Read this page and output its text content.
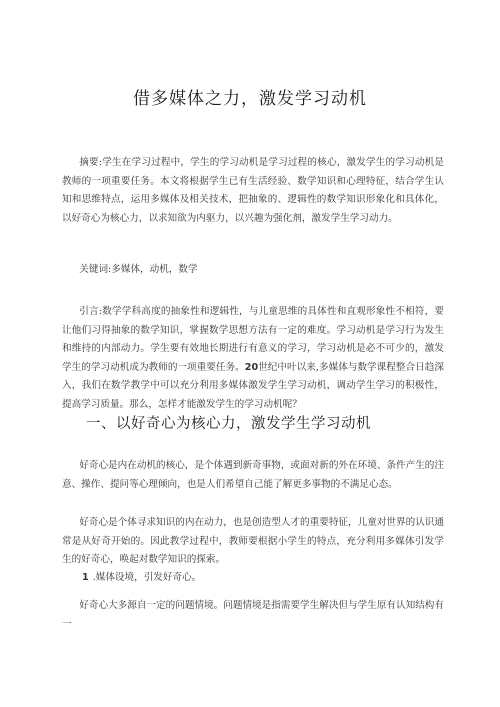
借多媒体之力，激发学习动机
摘要:学生在学习过程中，学生的学习动机是学习过程的核心，激发学生的学习动机是教师的一项重要任务。本文将根据学生已有生活经验、数学知识和心理特征，结合学生认知和思维特点，运用多媒体及相关技术，把抽象的、逻辑性的数学知识形象化和具体化，以好奇心为核心力，以求知欲为内驱力，以兴趣为强化剂，激发学生学习动力。
关键词:多媒体，动机，数学
引言:数学学科高度的抽象性和逻辑性，与儿童思维的具体性和直观形象性不相符，要让他们习得抽象的数学知识，掌握数学思想方法有一定的难度。学习动机是学习行为发生和维持的内部动力。学生要有效地长期进行有意义的学习，学习动机是必不可少的，激发学生的学习动机成为教师的一项重要任务。20世纪中叶以来,多媒体与数学课程整合日趋深入，我们在数学教学中可以充分利用多媒体激发学生学习动机，调动学生学习的积极性，提高学习质量。那么，怎样才能激发学生的学习动机呢？
一、以好奇心为核心力，激发学生学习动机
好奇心是内在动机的核心，是个体遇到新奇事物，或面对新的外在环境、条件产生的注意、操作、提问等心理倾向，也是人们希望自己能了解更多事物的不满足心态。
好奇心是个体寻求知识的内在动力，也是创造型人才的重要特征，儿童对世界的认识通常是从好奇开始的。因此教学过程中，教师要根据小学生的特点，充分利用多媒体引发学生的好奇心，唤起对数学知识的探索。
1 .媒体设境，引发好奇心。
好奇心大多源自一定的问题情境。问题情境是指需要学生解决但与学生原有认知结构有一
